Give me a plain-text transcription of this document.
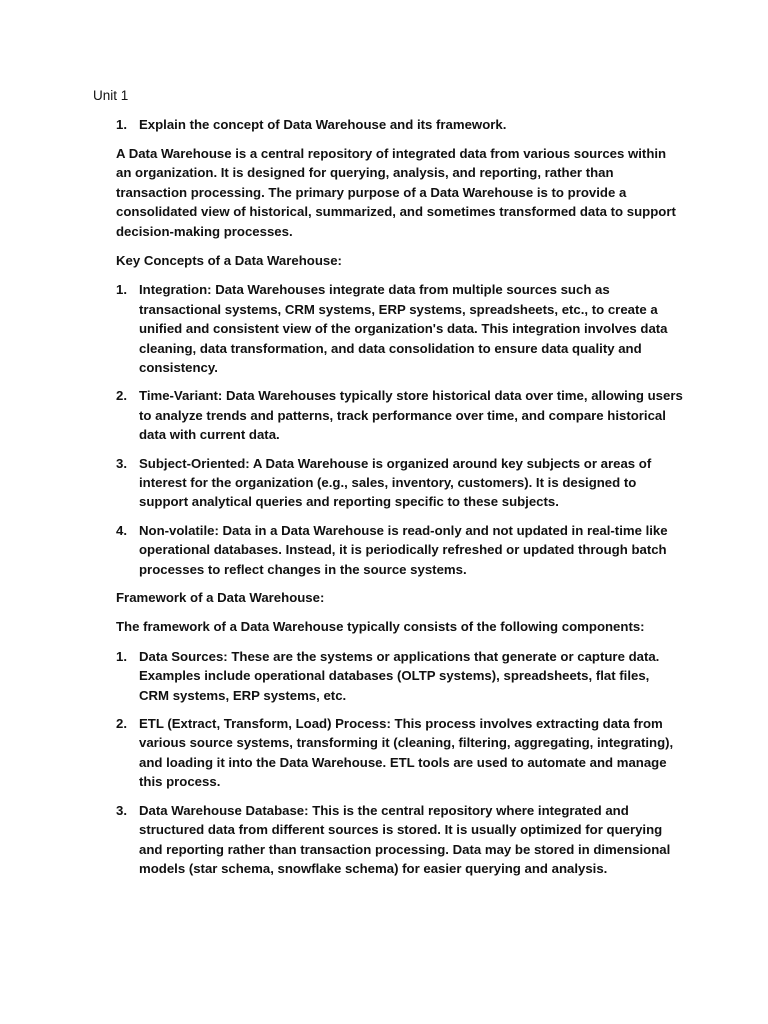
Unit 1
1. Explain the concept of Data Warehouse and its framework.
A Data Warehouse is a central repository of integrated data from various sources within an organization. It is designed for querying, analysis, and reporting, rather than transaction processing. The primary purpose of a Data Warehouse is to provide a consolidated view of historical, summarized, and sometimes transformed data to support decision-making processes.
Key Concepts of a Data Warehouse:
1. Integration: Data Warehouses integrate data from multiple sources such as transactional systems, CRM systems, ERP systems, spreadsheets, etc., to create a unified and consistent view of the organization's data. This integration involves data cleaning, data transformation, and data consolidation to ensure data quality and consistency.
2. Time-Variant: Data Warehouses typically store historical data over time, allowing users to analyze trends and patterns, track performance over time, and compare historical data with current data.
3. Subject-Oriented: A Data Warehouse is organized around key subjects or areas of interest for the organization (e.g., sales, inventory, customers). It is designed to support analytical queries and reporting specific to these subjects.
4. Non-volatile: Data in a Data Warehouse is read-only and not updated in real-time like operational databases. Instead, it is periodically refreshed or updated through batch processes to reflect changes in the source systems.
Framework of a Data Warehouse:
The framework of a Data Warehouse typically consists of the following components:
1. Data Sources: These are the systems or applications that generate or capture data. Examples include operational databases (OLTP systems), spreadsheets, flat files, CRM systems, ERP systems, etc.
2. ETL (Extract, Transform, Load) Process: This process involves extracting data from various source systems, transforming it (cleaning, filtering, aggregating, integrating), and loading it into the Data Warehouse. ETL tools are used to automate and manage this process.
3. Data Warehouse Database: This is the central repository where integrated and structured data from different sources is stored. It is usually optimized for querying and reporting rather than transaction processing. Data may be stored in dimensional models (star schema, snowflake schema) for easier querying and analysis.
